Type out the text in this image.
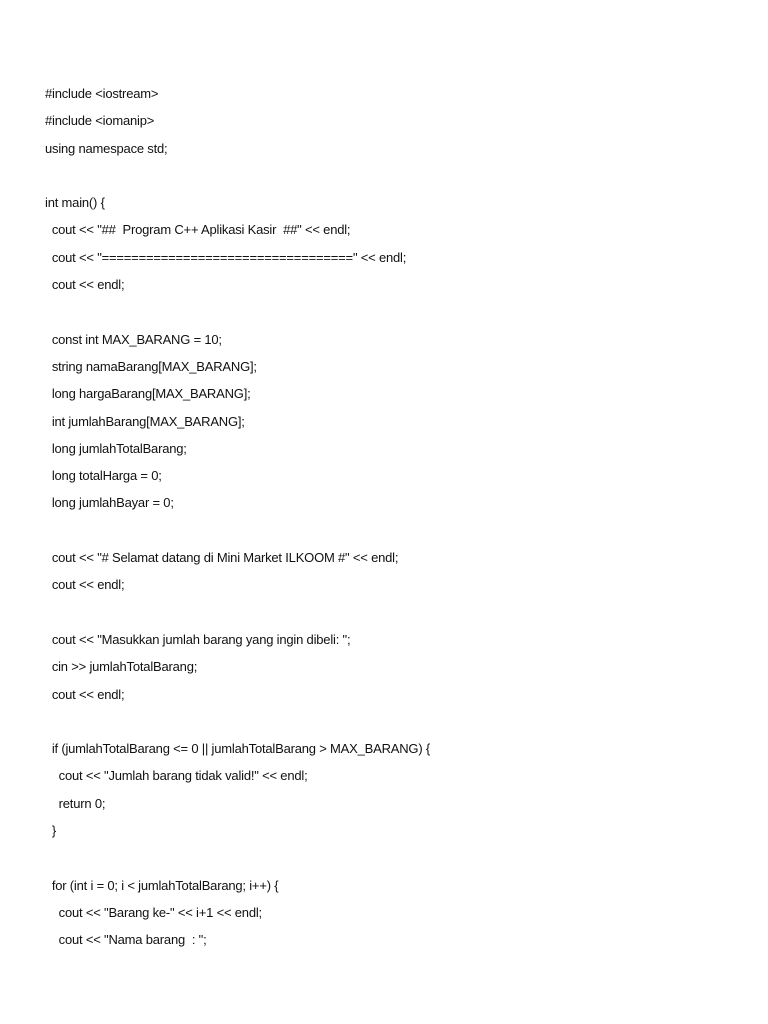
#include <iostream>
#include <iomanip>
using namespace std;
int main() {
cout << "##  Program C++ Aplikasi Kasir  ##" << endl;
cout << "==================================" << endl;
cout << endl;
const int MAX_BARANG = 10;
string namaBarang[MAX_BARANG];
long hargaBarang[MAX_BARANG];
int jumlahBarang[MAX_BARANG];
long jumlahTotalBarang;
long totalHarga = 0;
long jumlahBayar = 0;
cout << "# Selamat datang di Mini Market ILKOOM #" << endl;
cout << endl;
cout << "Masukkan jumlah barang yang ingin dibeli: ";
cin >> jumlahTotalBarang;
cout << endl;
if (jumlahTotalBarang <= 0 || jumlahTotalBarang > MAX_BARANG) {
cout << "Jumlah barang tidak valid!" << endl;
return 0;
}
for (int i = 0; i < jumlahTotalBarang; i++) {
cout << "Barang ke-" << i+1 << endl;
cout << "Nama barang  : ";
